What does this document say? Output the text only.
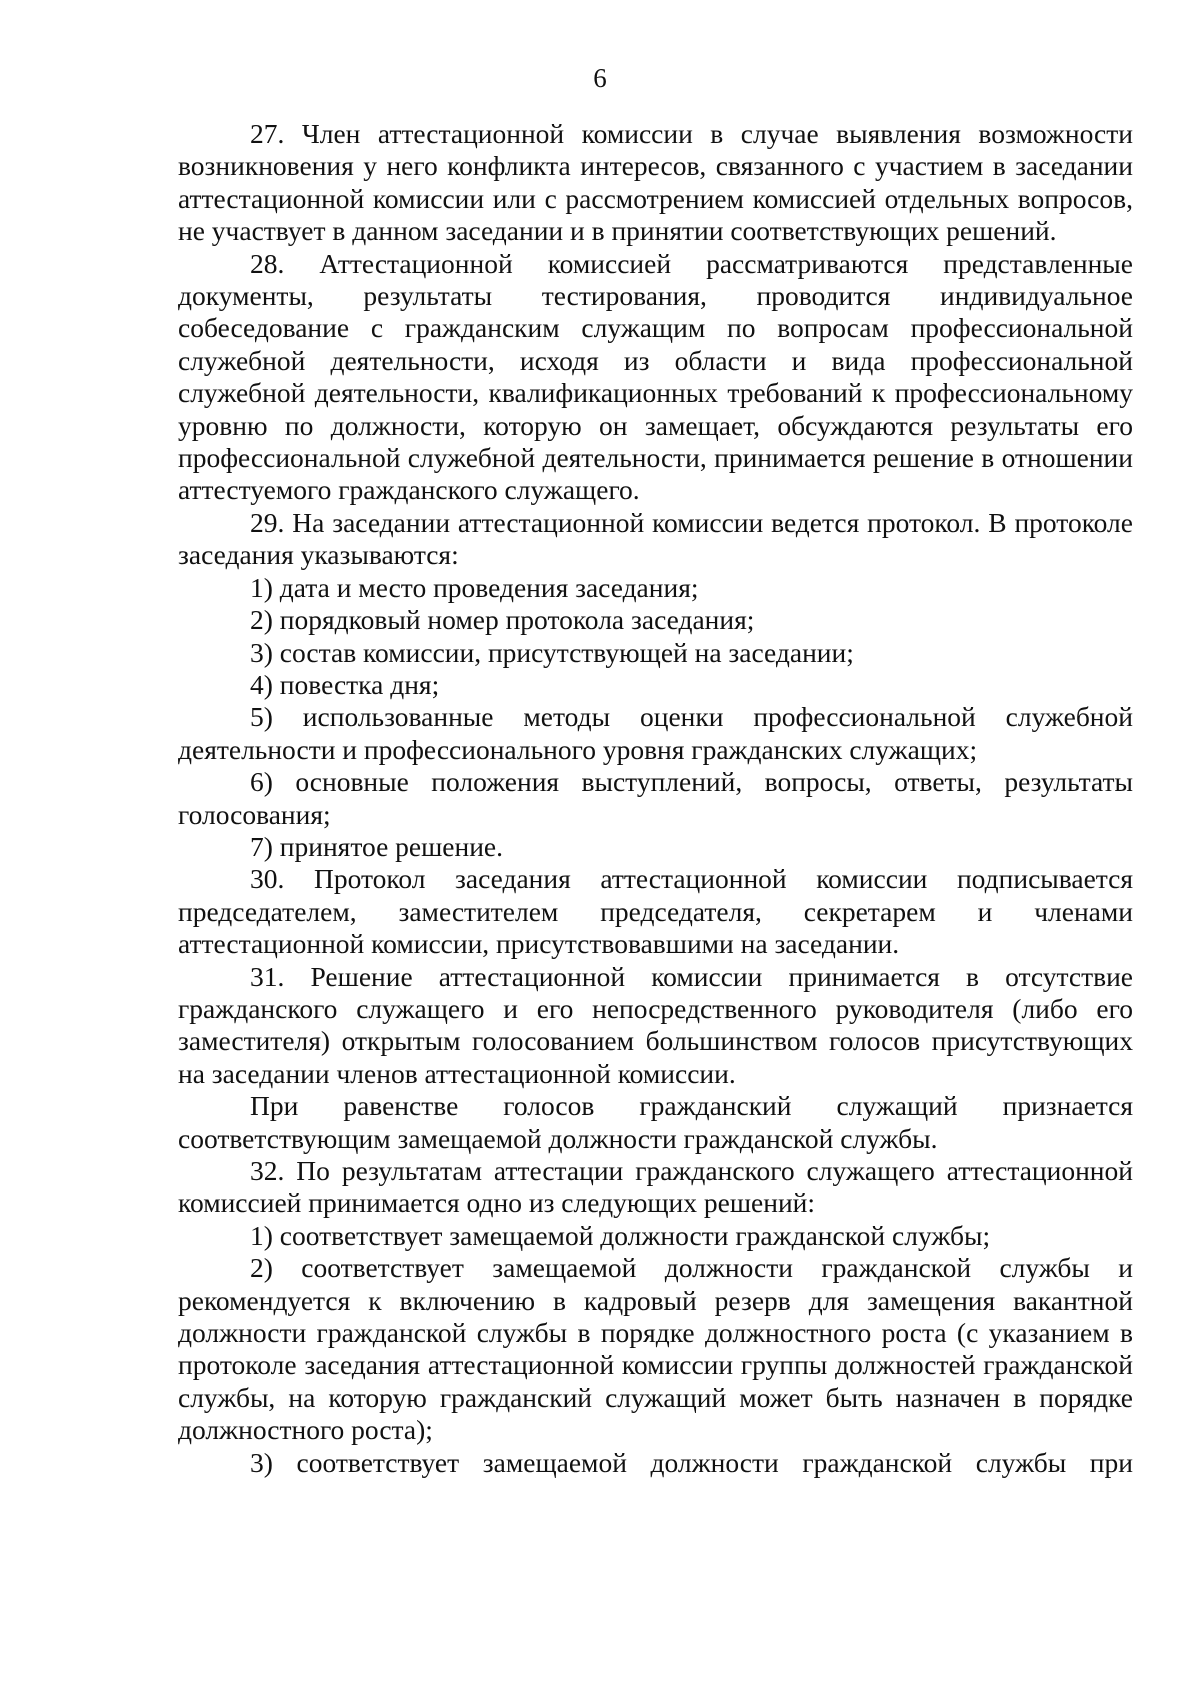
6

27. Член аттестационной комиссии в случае выявления возможности возникновения у него конфликта интересов, связанного с участием в заседании аттестационной комиссии или с рассмотрением комиссией отдельных вопросов, не участвует в данном заседании и в принятии соответствующих решений.

28. Аттестационной комиссией рассматриваются представленные документы, результаты тестирования, проводится индивидуальное собеседование с гражданским служащим по вопросам профессиональной служебной деятельности, исходя из области и вида профессиональной служебной деятельности, квалификационных требований к профессиональному уровню по должности, которую он замещает, обсуждаются результаты его профессиональной служебной деятельности, принимается решение в отношении аттестуемого гражданского служащего.

29. На заседании аттестационной комиссии ведется протокол. В протоколе заседания указываются:

1) дата и место проведения заседания;

2) порядковый номер протокола заседания;

3) состав комиссии, присутствующей на заседании;

4) повестка дня;

5) использованные методы оценки профессиональной служебной деятельности и профессионального уровня гражданских служащих;

6) основные положения выступлений, вопросы, ответы, результаты голосования;

7) принятое решение.

30. Протокол заседания аттестационной комиссии подписывается председателем, заместителем председателя, секретарем и членами аттестационной комиссии, присутствовавшими на заседании.

31. Решение аттестационной комиссии принимается в отсутствие гражданского служащего и его непосредственного руководителя (либо его заместителя) открытым голосованием большинством голосов присутствующих на заседании членов аттестационной комиссии.

При равенстве голосов гражданский служащий признается соответствующим замещаемой должности гражданской службы.

32. По результатам аттестации гражданского служащего аттестационной комиссией принимается одно из следующих решений:

1) соответствует замещаемой должности гражданской службы;

2) соответствует замещаемой должности гражданской службы и рекомендуется к включению в кадровый резерв для замещения вакантной должности гражданской службы в порядке должностного роста (с указанием в протоколе заседания аттестационной комиссии группы должностей гражданской службы, на которую гражданский служащий может быть назначен в порядке должностного роста);

3) соответствует замещаемой должности гражданской службы при
